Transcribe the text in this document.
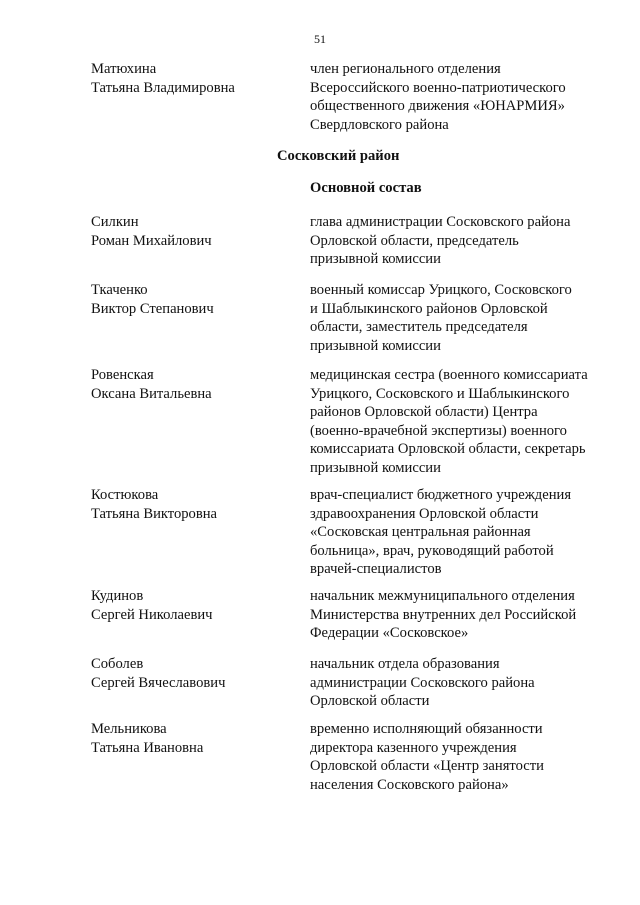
51
Матюхина
Татьяна Владимировна
член регионального отделения
Всероссийского военно-патриотического
общественного движения «ЮНАРМИЯ»
Свердловского района
Сосковский район
Основной состав
Силкин
Роман Михайлович
глава администрации Сосковского района
Орловской области, председатель
призывной комиссии
Ткаченко
Виктор Степанович
военный комиссар Урицкого, Сосковского
и Шаблыкинского районов Орловской
области, заместитель председателя
призывной комиссии
Ровенская
Оксана Витальевна
медицинская сестра (военного комиссариата
Урицкого, Сосковского и Шаблыкинского
районов Орловской области) Центра
(военно-врачебной экспертизы) военного
комиссариата Орловской области, секретарь
призывной комиссии
Костюкова
Татьяна Викторовна
врач-специалист бюджетного учреждения
здравоохранения Орловской области
«Сосковская центральная районная
больница», врач, руководящий работой
врачей-специалистов
Кудинов
Сергей Николаевич
начальник межмуниципального отделения
Министерства внутренних дел Российской
Федерации «Сосковское»
Соболев
Сергей Вячеславович
начальник отдела образования
администрации Сосковского района
Орловской области
Мельникова
Татьяна Ивановна
временно исполняющий обязанности
директора казенного учреждения
Орловской области «Центр занятости
населения Сосковского района»
